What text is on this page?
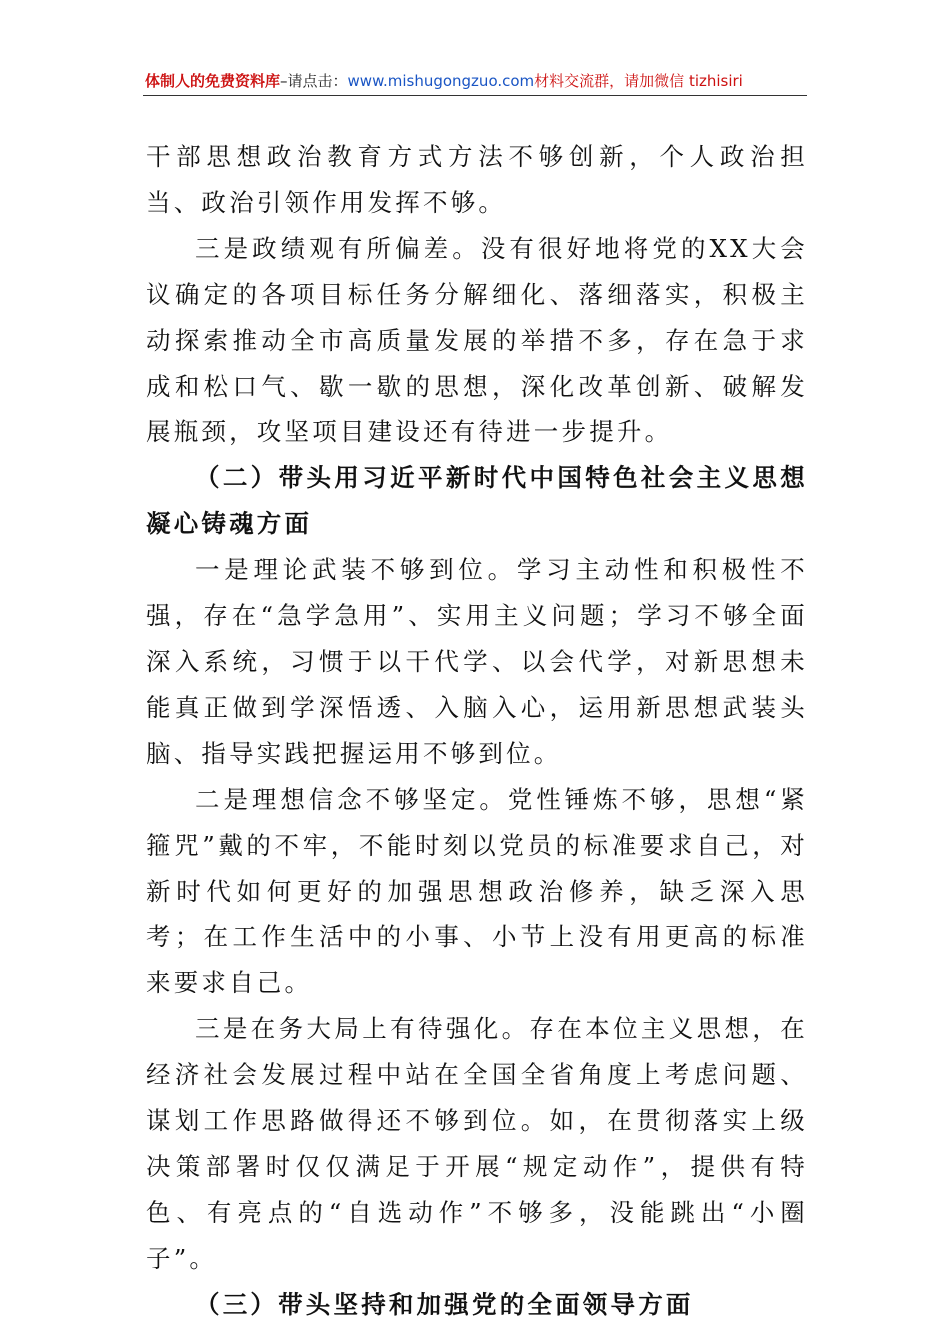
体制人的免费资料库–请点击：www.mishugongzuo.com材料交流群，请加微信 tizhisiri

干部思想政治教育方式方法不够创新，个人政治担当、政治引领作用发挥不够。

三是政绩观有所偏差。没有很好地将党的XX大会议确定的各项目标任务分解细化、落细落实，积极主动探索推动全市高质量发展的举措不多，存在急于求成和松口气、歇一歇的思想，深化改革创新、破解发展瓶颈，攻坚项目建设还有待进一步提升。

（二）带头用习近平新时代中国特色社会主义思想凝心铸魂方面

一是理论武装不够到位。学习主动性和积极性不强，存在“急学急用”、实用主义问题；学习不够全面深入系统，习惯于以干代学、以会代学，对新思想未能真正做到学深悟透、入脑入心，运用新思想武装头脑、指导实践把握运用不够到位。

二是理想信念不够坚定。党性锤炼不够，思想“紧箍咒”戴的不牢，不能时刻以党员的标准要求自己，对新时代如何更好的加强思想政治修养，缺乏深入思考；在工作生活中的小事、小节上没有用更高的标准来要求自己。

三是在务大局上有待强化。存在本位主义思想，在经济社会发展过程中站在全国全省角度上考虑问题、谋划工作思路做得还不够到位。如，在贯彻落实上级决策部署时仅仅满足于开展“规定动作”，提供有特色、有亮点的“自选动作”不够多，没能跳出“小圈子”。

（三）带头坚持和加强党的全面领导方面
